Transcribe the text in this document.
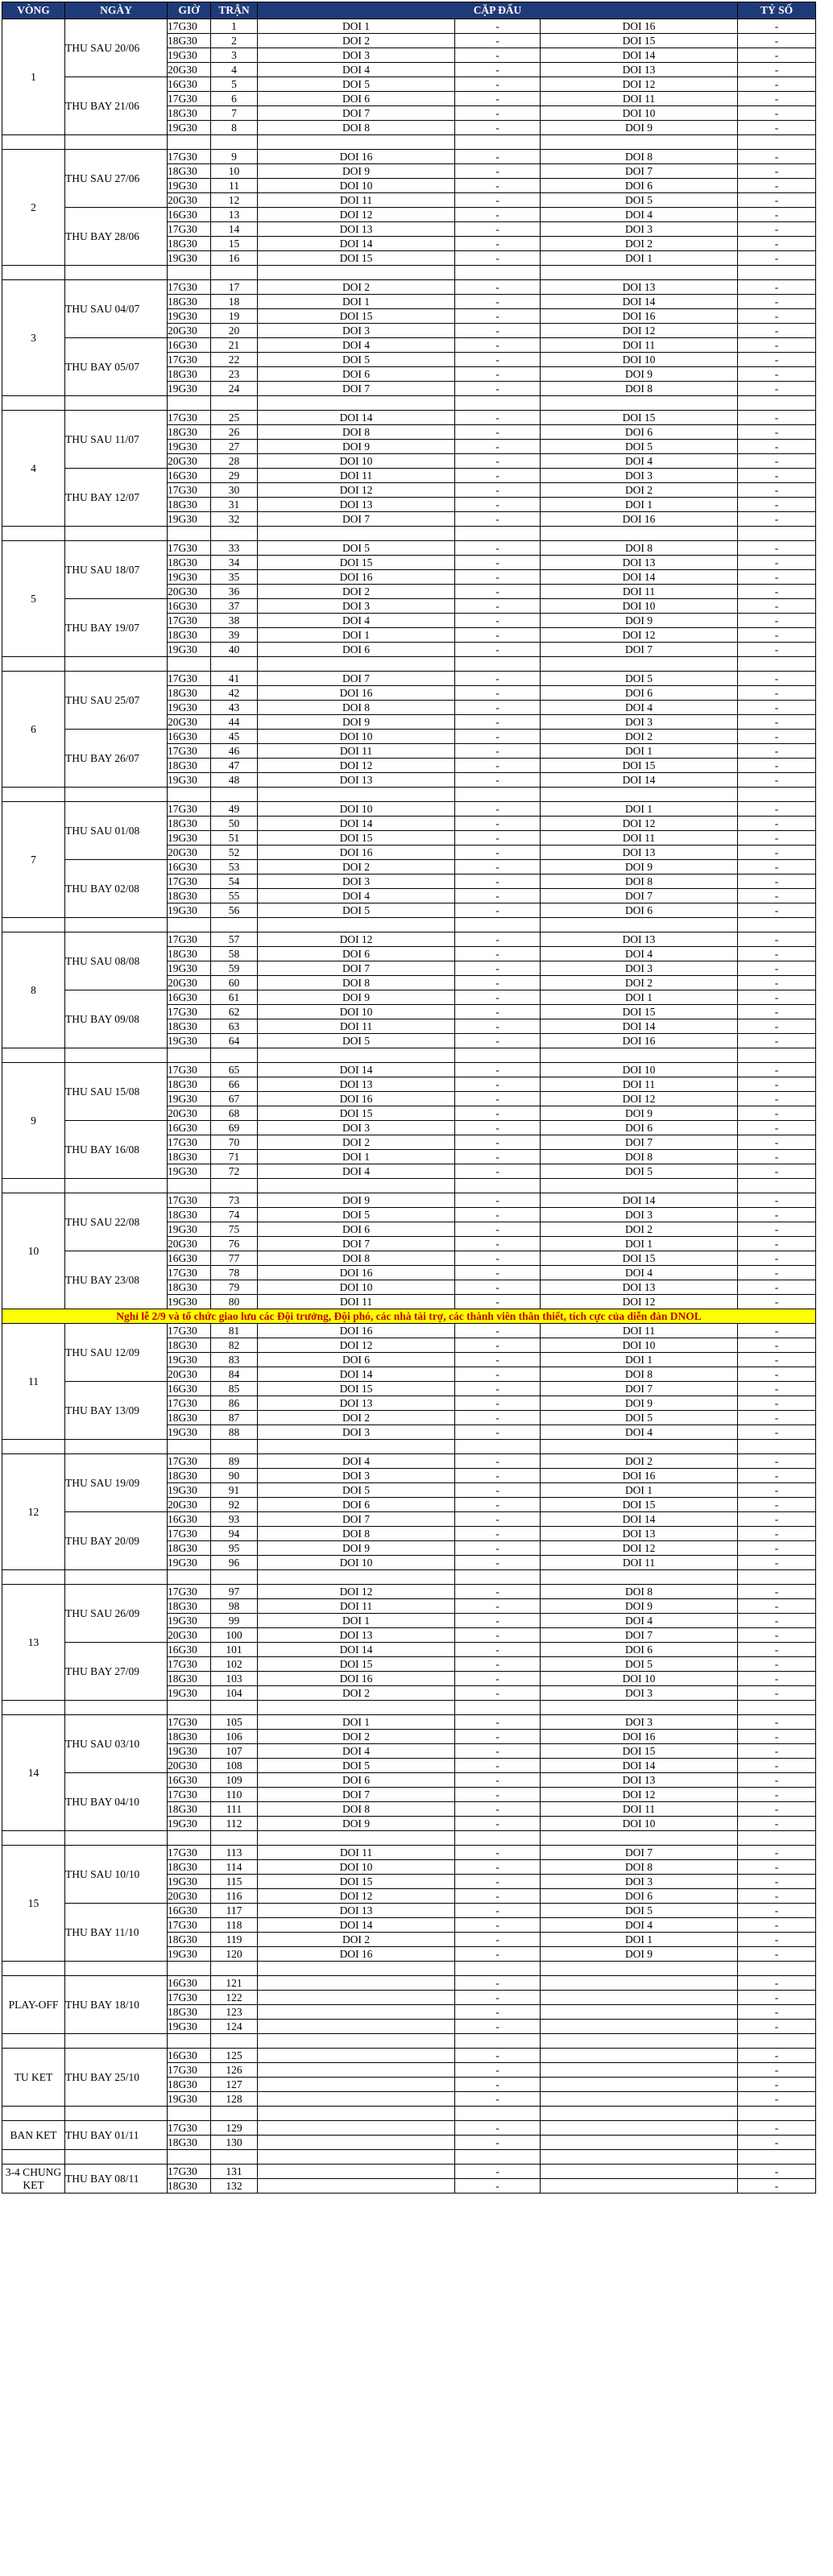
VÒNG	NGÀY	GIỜ	TRẬN	CẶP ĐẤU			TỶ SỐ
1	THU SAU 20/06	17G30	1	DOI 1	-	DOI 16	-
		18G30	2	DOI 2	-	DOI 15	-
		19G30	3	DOI 3	-	DOI 14	-
		20G30	4	DOI 4	-	DOI 13	-
	THU BAY 21/06	16G30	5	DOI 5	-	DOI 12	-
		17G30	6	DOI 6	-	DOI 11	-
		18G30	7	DOI 7	-	DOI 10	-
		19G30	8	DOI 8	-	DOI 9	-

2	THU SAU 27/06	17G30	9	DOI 16	-	DOI 8	-
		18G30	10	DOI 9	-	DOI 7	-
		19G30	11	DOI 10	-	DOI 6	-
		20G30	12	DOI 11	-	DOI 5	-
	THU BAY 28/06	16G30	13	DOI 12	-	DOI 4	-
		17G30	14	DOI 13	-	DOI 3	-
		18G30	15	DOI 14	-	DOI 2	-
		19G30	16	DOI 15	-	DOI 1	-

3	THU SAU 04/07	17G30	17	DOI 2	-	DOI 13	-
		18G30	18	DOI 1	-	DOI 14	-
		19G30	19	DOI 15	-	DOI 16	-
		20G30	20	DOI 3	-	DOI 12	-
	THU BAY 05/07	16G30	21	DOI 4	-	DOI 11	-
		17G30	22	DOI 5	-	DOI 10	-
		18G30	23	DOI 6	-	DOI 9	-
		19G30	24	DOI 7	-	DOI 8	-

4	THU SAU 11/07	17G30	25	DOI 14	-	DOI 15	-
		18G30	26	DOI 8	-	DOI 6	-
		19G30	27	DOI 9	-	DOI 5	-
		20G30	28	DOI 10	-	DOI 4	-
	THU BAY 12/07	16G30	29	DOI 11	-	DOI 3	-
		17G30	30	DOI 12	-	DOI 2	-
		18G30	31	DOI 13	-	DOI 1	-
		19G30	32	DOI 7	-	DOI 16	-

5	THU SAU 18/07	17G30	33	DOI 5	-	DOI 8	-
		18G30	34	DOI 15	-	DOI 13	-
		19G30	35	DOI 16	-	DOI 14	-
		20G30	36	DOI 2	-	DOI 11	-
	THU BAY 19/07	16G30	37	DOI 3	-	DOI 10	-
		17G30	38	DOI 4	-	DOI 9	-
		18G30	39	DOI 1	-	DOI 12	-
		19G30	40	DOI 6	-	DOI 7	-

6	THU SAU 25/07	17G30	41	DOI 7	-	DOI 5	-
		18G30	42	DOI 16	-	DOI 6	-
		19G30	43	DOI 8	-	DOI 4	-
		20G30	44	DOI 9	-	DOI 3	-
	THU BAY 26/07	16G30	45	DOI 10	-	DOI 2	-
		17G30	46	DOI 11	-	DOI 1	-
		18G30	47	DOI 12	-	DOI 15	-
		19G30	48	DOI 13	-	DOI 14	-

7	THU SAU 01/08	17G30	49	DOI 10	-	DOI 1	-
		18G30	50	DOI 14	-	DOI 12	-
		19G30	51	DOI 15	-	DOI 11	-
		20G30	52	DOI 16	-	DOI 13	-
	THU BAY 02/08	16G30	53	DOI 2	-	DOI 9	-
		17G30	54	DOI 3	-	DOI 8	-
		18G30	55	DOI 4	-	DOI 7	-
		19G30	56	DOI 5	-	DOI 6	-

8	THU SAU 08/08	17G30	57	DOI 12	-	DOI 13	-
		18G30	58	DOI 6	-	DOI 4	-
		19G30	59	DOI 7	-	DOI 3	-
		20G30	60	DOI 8	-	DOI 2	-
	THU BAY 09/08	16G30	61	DOI 9	-	DOI 1	-
		17G30	62	DOI 10	-	DOI 15	-
		18G30	63	DOI 11	-	DOI 14	-
		19G30	64	DOI 5	-	DOI 16	-

9	THU SAU 15/08	17G30	65	DOI 14	-	DOI 10	-
		18G30	66	DOI 13	-	DOI 11	-
		19G30	67	DOI 16	-	DOI 12	-
		20G30	68	DOI 15	-	DOI 9	-
	THU BAY 16/08	16G30	69	DOI 3	-	DOI 6	-
		17G30	70	DOI 2	-	DOI 7	-
		18G30	71	DOI 1	-	DOI 8	-
		19G30	72	DOI 4	-	DOI 5	-

10	THU SAU 22/08	17G30	73	DOI 9	-	DOI 14	-
		18G30	74	DOI 5	-	DOI 3	-
		19G30	75	DOI 6	-	DOI 2	-
		20G30	76	DOI 7	-	DOI 1	-
	THU BAY 23/08	16G30	77	DOI 8	-	DOI 15	-
		17G30	78	DOI 16	-	DOI 4	-
		18G30	79	DOI 10	-	DOI 13	-
		19G30	80	DOI 11	-	DOI 12	-
Nghỉ lễ 2/9 và tổ chức giao lưu các Đội trưởng, Đội phó, các nhà tài trợ, các thành viên thân thiết, tích cực của diễn đàn DNOL							
11	THU SAU 12/09	17G30	81	DOI 16	-	DOI 11	-
		18G30	82	DOI 12	-	DOI 10	-
		19G30	83	DOI 6	-	DOI 1	-
		20G30	84	DOI 14	-	DOI 8	-
	THU BAY 13/09	16G30	85	DOI 15	-	DOI 7	-
		17G30	86	DOI 13	-	DOI 9	-
		18G30	87	DOI 2	-	DOI 5	-
		19G30	88	DOI 3	-	DOI 4	-

12	THU SAU 19/09	17G30	89	DOI 4	-	DOI 2	-
		18G30	90	DOI 3	-	DOI 16	-
		19G30	91	DOI 5	-	DOI 1	-
		20G30	92	DOI 6	-	DOI 15	-
	THU BAY 20/09	16G30	93	DOI 7	-	DOI 14	-
		17G30	94	DOI 8	-	DOI 13	-
		18G30	95	DOI 9	-	DOI 12	-
		19G30	96	DOI 10	-	DOI 11	-

13	THU SAU 26/09	17G30	97	DOI 12	-	DOI 8	-
		18G30	98	DOI 11	-	DOI 9	-
		19G30	99	DOI 1	-	DOI 4	-
		20G30	100	DOI 13	-	DOI 7	-
	THU BAY 27/09	16G30	101	DOI 14	-	DOI 6	-
		17G30	102	DOI 15	-	DOI 5	-
		18G30	103	DOI 16	-	DOI 10	-
		19G30	104	DOI 2	-	DOI 3	-

14	THU SAU 03/10	17G30	105	DOI 1	-	DOI 3	-
		18G30	106	DOI 2	-	DOI 16	-
		19G30	107	DOI 4	-	DOI 15	-
		20G30	108	DOI 5	-	DOI 14	-
	THU BAY 04/10	16G30	109	DOI 6	-	DOI 13	-
		17G30	110	DOI 7	-	DOI 12	-
		18G30	111	DOI 8	-	DOI 11	-
		19G30	112	DOI 9	-	DOI 10	-

15	THU SAU 10/10	17G30	113	DOI 11	-	DOI 7	-
		18G30	114	DOI 10	-	DOI 8	-
		19G30	115	DOI 15	-	DOI 3	-
		20G30	116	DOI 12	-	DOI 6	-
	THU BAY 11/10	16G30	117	DOI 13	-	DOI 5	-
		17G30	118	DOI 14	-	DOI 4	-
		18G30	119	DOI 2	-	DOI 1	-
		19G30	120	DOI 16	-	DOI 9	-

PLAY-OFF	THU BAY 18/10	16G30	121		-		-
		17G30	122		-		-
		18G30	123		-		-
		19G30	124		-		-

TU KET	THU BAY 25/10	16G30	125		-		-
		17G30	126		-		-
		18G30	127		-		-
		19G30	128		-		-

BAN KET	THU BAY 01/11	17G30	129		-		-
		18G30	130		-		-

3-4 CHUNG KET	THU BAY 08/11	17G30	131		-		-
		18G30	132		-		-
